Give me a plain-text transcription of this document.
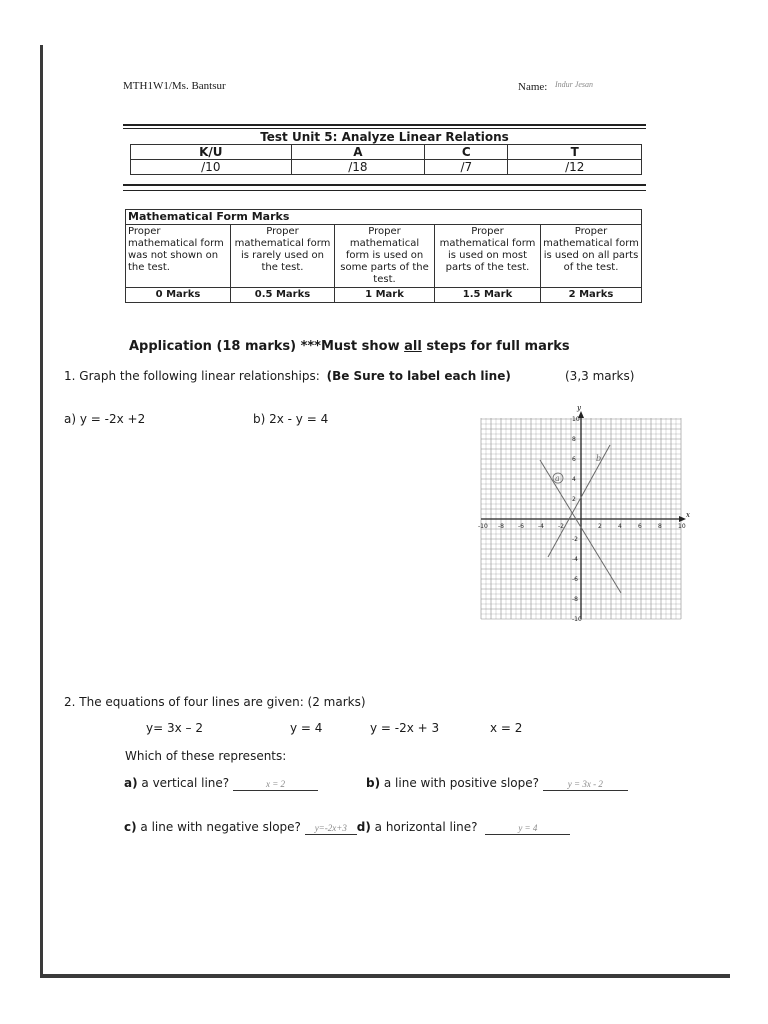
MTH1W1/Ms. Bantsur	Name: Indur Jesan
Test Unit 5: Analyze Linear Relations
K/U	A	C	T
/10	/18	/7	/12
Mathematical Form Marks				
Proper mathematical form was not shown on the test.	Proper mathematical form is rarely used on the test.	Proper mathematical form is used on some parts of the test.	Proper mathematical form is used on most parts of the test.	Proper mathematical form is used on all parts of the test.
0 Marks	0.5 Marks	1 Mark	1.5 Mark	2 Marks
Application (18 marks) ***Must show all steps for full marks
1. Graph the following linear relationships: (Be Sure to label each line)	(3,3 marks)
a) y = -2x +2	b) 2x - y = 4
x
y
-10 -8 -6 -4 -2	2	4	6	8	10
10
8
6
4
2
-2
-4
-6
-8
-10
a
b
2. The equations of four lines are given: (2 marks)
y= 3x – 2	y = 4	y = -2x + 3	x = 2
Which of these represents:
a) a vertical line?	x = 2	b) a line with positive slope?	y = 3x - 2
c) a line with negative slope? y=-2x+3 d) a horizontal line?	y = 4
